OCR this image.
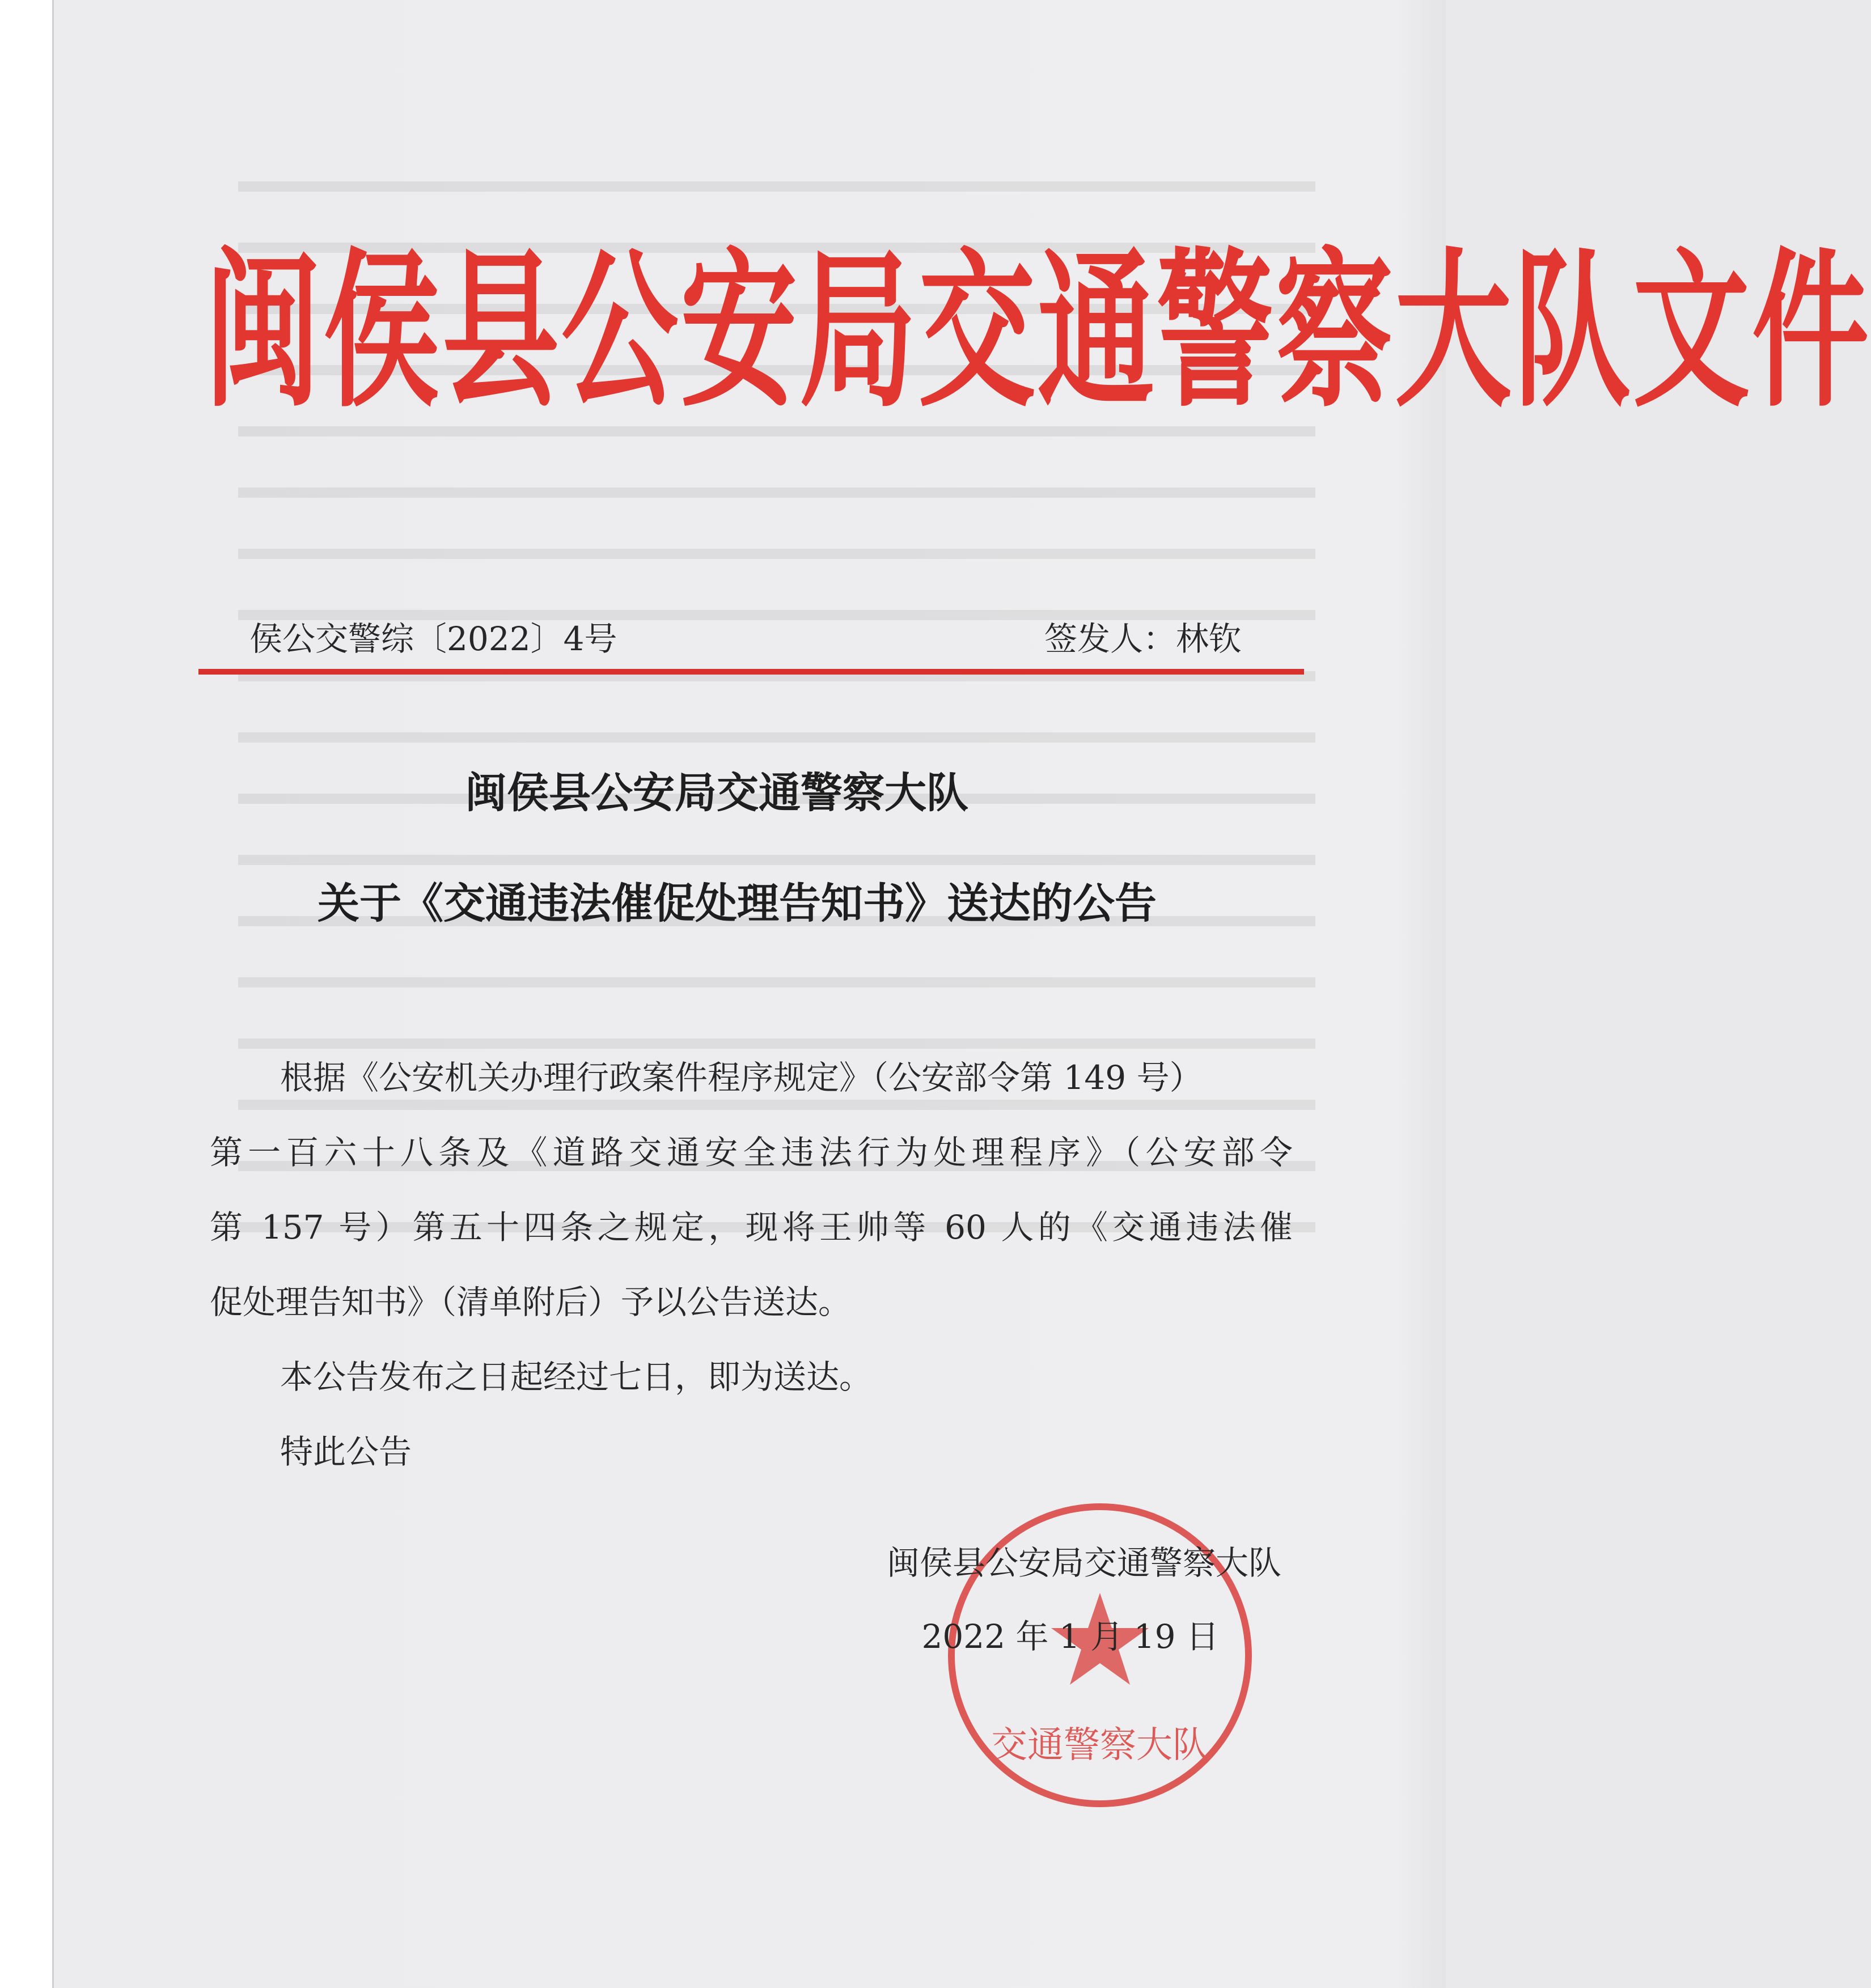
闽侯县公安局交通警察大队文件
侯公交警综〔2022〕4号	签发人：林钦
闽侯县公安局交通警察大队
关于《交通违法催促处理告知书》送达的公告
根据《公安机关办理行政案件程序规定》（公安部令第 149 号）
第一百六十八条及《道路交通安全违法行为处理程序》（公安部令
第 157 号）第五十四条之规定，现将王帅等 60 人的《交通违法催
促处理告知书》（清单附后）予以公告送达。

本公告发布之日起经过七日，即为送达。

特此公告

交通警察大队
闽侯县公安局交通警察大队
2022 年 1 月 19 日
